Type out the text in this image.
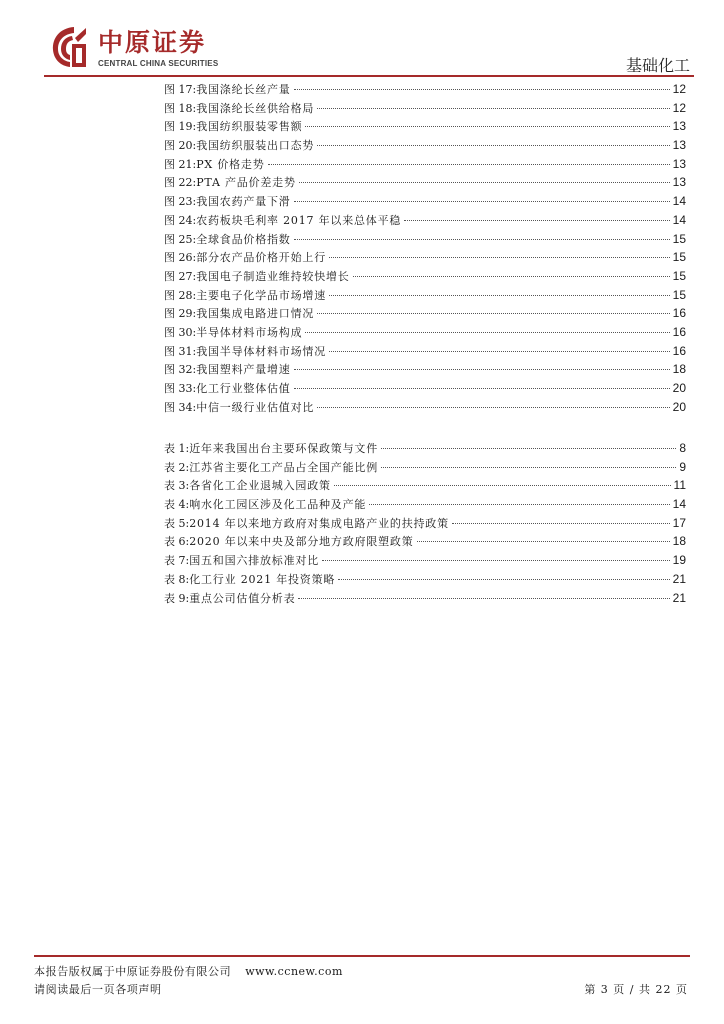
中原证券
CENTRAL CHINA SECURITIES	基础化工
图 17: 我国涤纶长丝产量	12
图 18: 我国涤纶长丝供给格局	12
图 19: 我国纺织服装零售额	13
图 20: 我国纺织服装出口态势	13
图 21: PX 价格走势	13
图 22: PTA 产品价差走势	13
图 23: 我国农药产量下滑	14
图 24: 农药板块毛利率 2017 年以来总体平稳	14
图 25: 全球食品价格指数	15
图 26: 部分农产品价格开始上行	15
图 27: 我国电子制造业维持较快增长	15
图 28: 主要电子化学品市场增速	15
图 29: 我国集成电路进口情况	16
图 30: 半导体材料市场构成	16
图 31: 我国半导体材料市场情况	16
图 32: 我国塑料产量增速	18
图 33: 化工行业整体估值	20
图 34: 中信一级行业估值对比	20
表 1: 近年来我国出台主要环保政策与文件	8
表 2: 江苏省主要化工产品占全国产能比例	9
表 3: 各省化工企业退城入园政策	11
表 4: 响水化工园区涉及化工品种及产能	14
表 5: 2014 年以来地方政府对集成电路产业的扶持政策	17
表 6: 2020 年以来中央及部分地方政府限塑政策	18
表 7: 国五和国六排放标准对比	19
表 8: 化工行业 2021 年投资策略	21
表 9: 重点公司估值分析表	21
本报告版权属于中原证券股份有限公司 www.ccnew.com
请阅读最后一页各项声明	第 3 页 / 共 22 页
